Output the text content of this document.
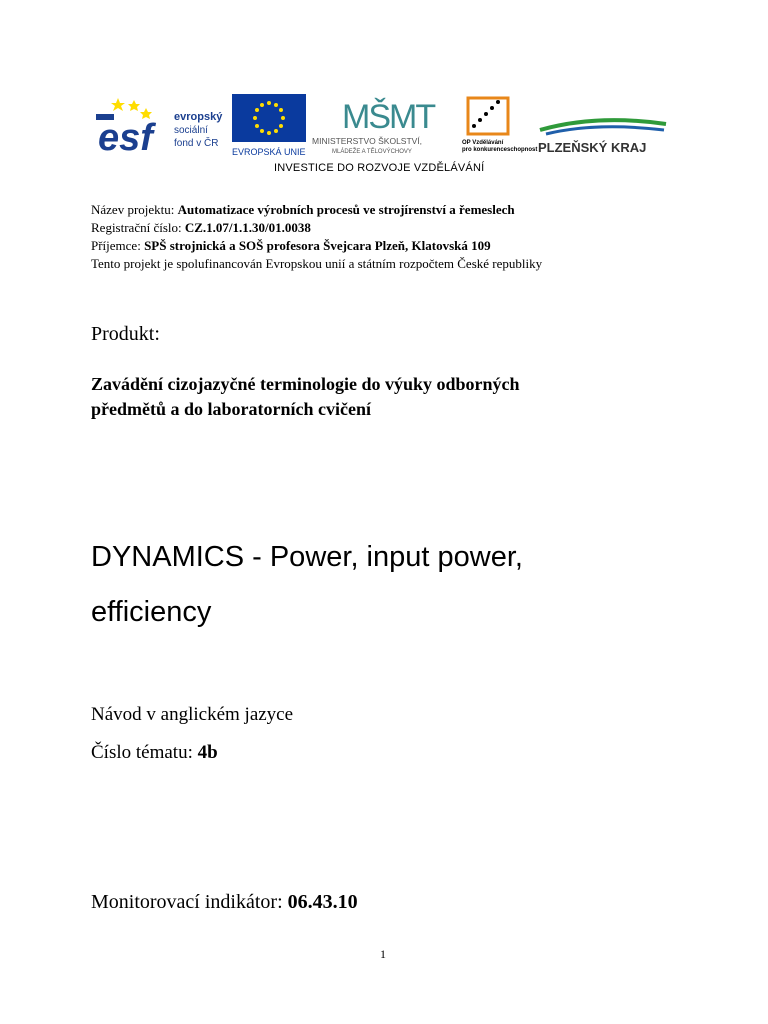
esf	evropský
sociální
fond v ČR
EVROPSKÁ UNIE
MŠMT
MINISTERSTVO ŠKOLSTVÍ,
MLÁDEŽE A TĚLOVÝCHOVY
OP Vzdělávání
pro konkurenceschopnost PLZEŇSKÝ KRAJ
INVESTICE DO ROZVOJE VZDĚLÁVÁNÍ
Název projektu: Automatizace výrobních procesů ve strojírenství a řemeslech
Registrační číslo: CZ.1.07/1.1.30/01.0038
Příjemce: SPŠ strojnická a SOŠ profesora Švejcara Plzeň, Klatovská 109
Tento projekt je spolufinancován Evropskou unií a státním rozpočtem České republiky
Produkt:
Zavádění cizojazyčné terminologie do výuky odborných
předmětů a do laboratorních cvičení
DYNAMICS - Power, input power,
efficiency
Návod v anglickém jazyce
Číslo tématu: 4b
Monitorovací indikátor: 06.43.10
1
